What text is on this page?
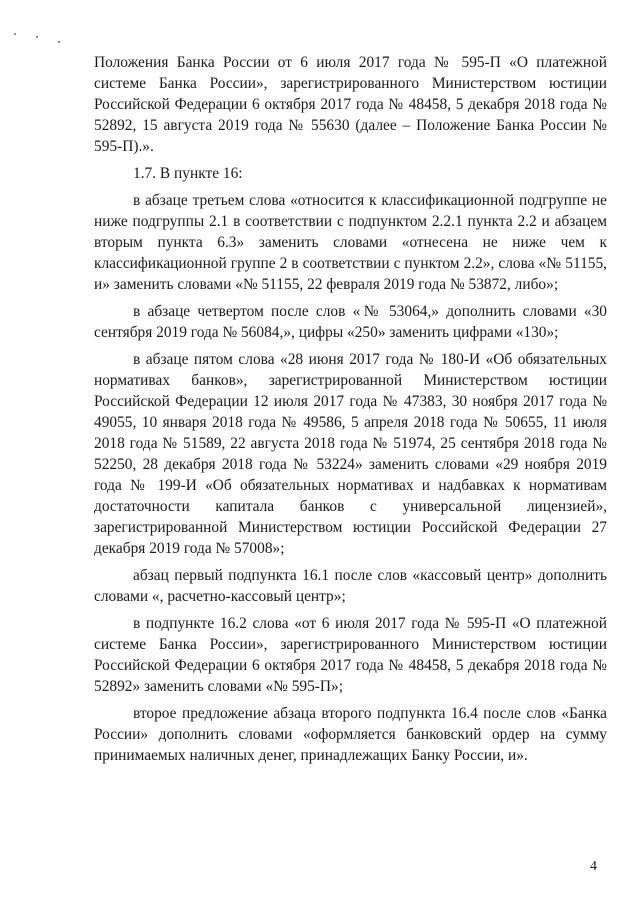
Положения Банка России от 6 июля 2017 года № 595-П «О платежной системе Банка России», зарегистрированного Министерством юстиции Российской Федерации 6 октября 2017 года № 48458, 5 декабря 2018 года № 52892, 15 августа 2019 года № 55630 (далее – Положение Банка России № 595-П).».

1.7. В пункте 16:

в абзаце третьем слова «относится к классификационной подгруппе не ниже подгруппы 2.1 в соответствии с подпунктом 2.2.1 пункта 2.2 и абзацем вторым пункта 6.3» заменить словами «отнесена не ниже чем к классификационной группе 2 в соответствии с пунктом 2.2», слова «№ 51155, и» заменить словами «№ 51155, 22 февраля 2019 года № 53872, либо»;

в абзаце четвертом после слов «№ 53064,» дополнить словами «30 сентября 2019 года № 56084,», цифры «250» заменить цифрами «130»;

в абзаце пятом слова «28 июня 2017 года № 180-И «Об обязательных нормативах банков», зарегистрированной Министерством юстиции Российской Федерации 12 июля 2017 года № 47383, 30 ноября 2017 года № 49055, 10 января 2018 года № 49586, 5 апреля 2018 года № 50655, 11 июля 2018 года № 51589, 22 августа 2018 года № 51974, 25 сентября 2018 года № 52250, 28 декабря 2018 года № 53224» заменить словами «29 ноября 2019 года № 199-И «Об обязательных нормативах и надбавках к нормативам достаточности капитала банков с универсальной лицензией», зарегистрированной Министерством юстиции Российской Федерации 27 декабря 2019 года № 57008»;

абзац первый подпункта 16.1 после слов «кассовый центр» дополнить словами «, расчетно-кассовый центр»;

в подпункте 16.2 слова «от 6 июля 2017 года № 595-П «О платежной системе Банка России», зарегистрированного Министерством юстиции Российской Федерации 6 октября 2017 года № 48458, 5 декабря 2018 года № 52892» заменить словами «№ 595-П»;

второе предложение абзаца второго подпункта 16.4 после слов «Банка России» дополнить словами «оформляется банковский ордер на сумму принимаемых наличных денег, принадлежащих Банку России, и».

4
